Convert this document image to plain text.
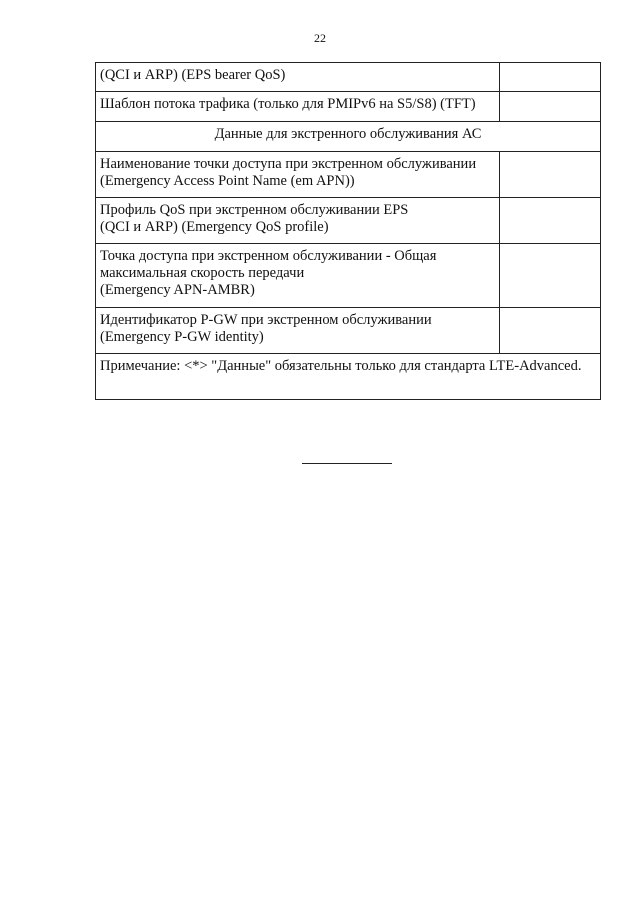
22
(QCI и ARP) (EPS bearer QoS)	

Шаблон потока трафика (только для PMIPv6 на S5/S8) (TFT)	

Данные для экстренного обслуживания АС	

Наименование точки доступа при экстренном обслуживании
(Emergency Access Point Name (em APN))	

Профиль QoS при экстренном обслуживании EPS
(QCI и ARP) (Emergency QoS profile)	

Точка доступа при экстренном обслуживании - Общая
максимальная скорость передачи
(Emergency APN-AMBR)	

Идентификатор P-GW при экстренном обслуживании
(Emergency P-GW identity)	

Примечание: <*> "Данные" обязательны только для стандарта LTE-Advanced.	
